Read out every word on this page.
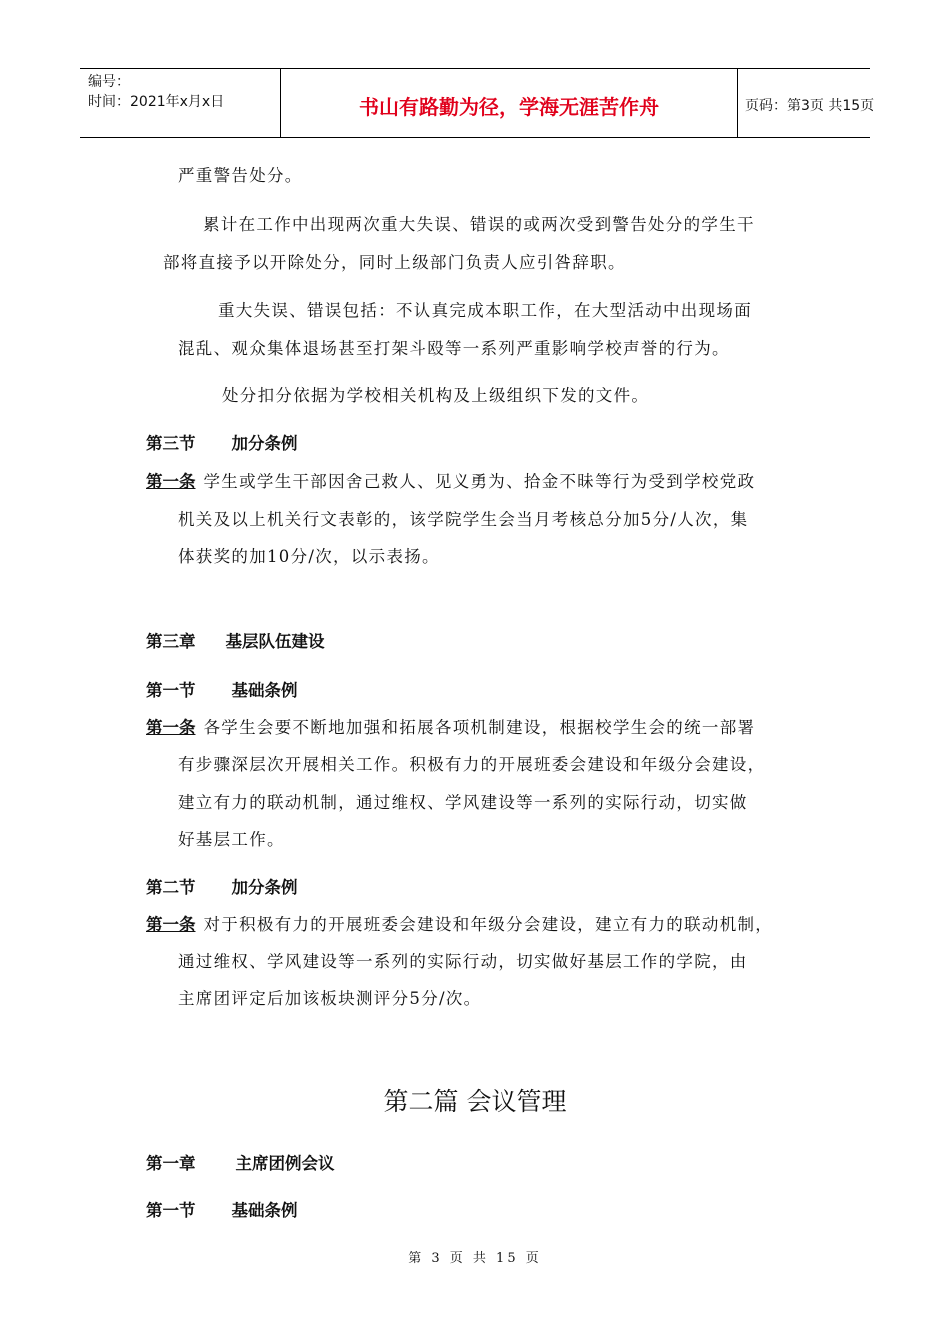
编号：
时间：2021年x月x日	书山有路勤为径，学海无涯苦作舟	页码：第3页 共15页
严重警告处分。
累计在工作中出现两次重大失误、错误的或两次受到警告处分的学生干
部将直接予以开除处分，同时上级部门负责人应引咎辞职。
重大失误、错误包括：不认真完成本职工作，在大型活动中出现场面
混乱、观众集体退场甚至打架斗殴等一系列严重影响学校声誉的行为。
处分扣分依据为学校相关机构及上级组织下发的文件。
第三节 加分条例
第一条 学生或学生干部因舍己救人、见义勇为、拾金不昧等行为受到学校党政
机关及以上机关行文表彰的，该学院学生会当月考核总分加5分/人次，集
体获奖的加10分/次，以示表扬。
第三章 基层队伍建设
第一节 基础条例
第一条 各学生会要不断地加强和拓展各项机制建设，根据校学生会的统一部署
有步骤深层次开展相关工作。积极有力的开展班委会建设和年级分会建设，
建立有力的联动机制，通过维权、学风建设等一系列的实际行动，切实做
好基层工作。
第二节 加分条例
第一条 对于积极有力的开展班委会建设和年级分会建设，建立有力的联动机制，
通过维权、学风建设等一系列的实际行动，切实做好基层工作的学院，由
主席团评定后加该板块测评分5分/次。
第二篇 会议管理
第一章 主席团例会议
第一节 基础条例
第 3 页 共 15 页
